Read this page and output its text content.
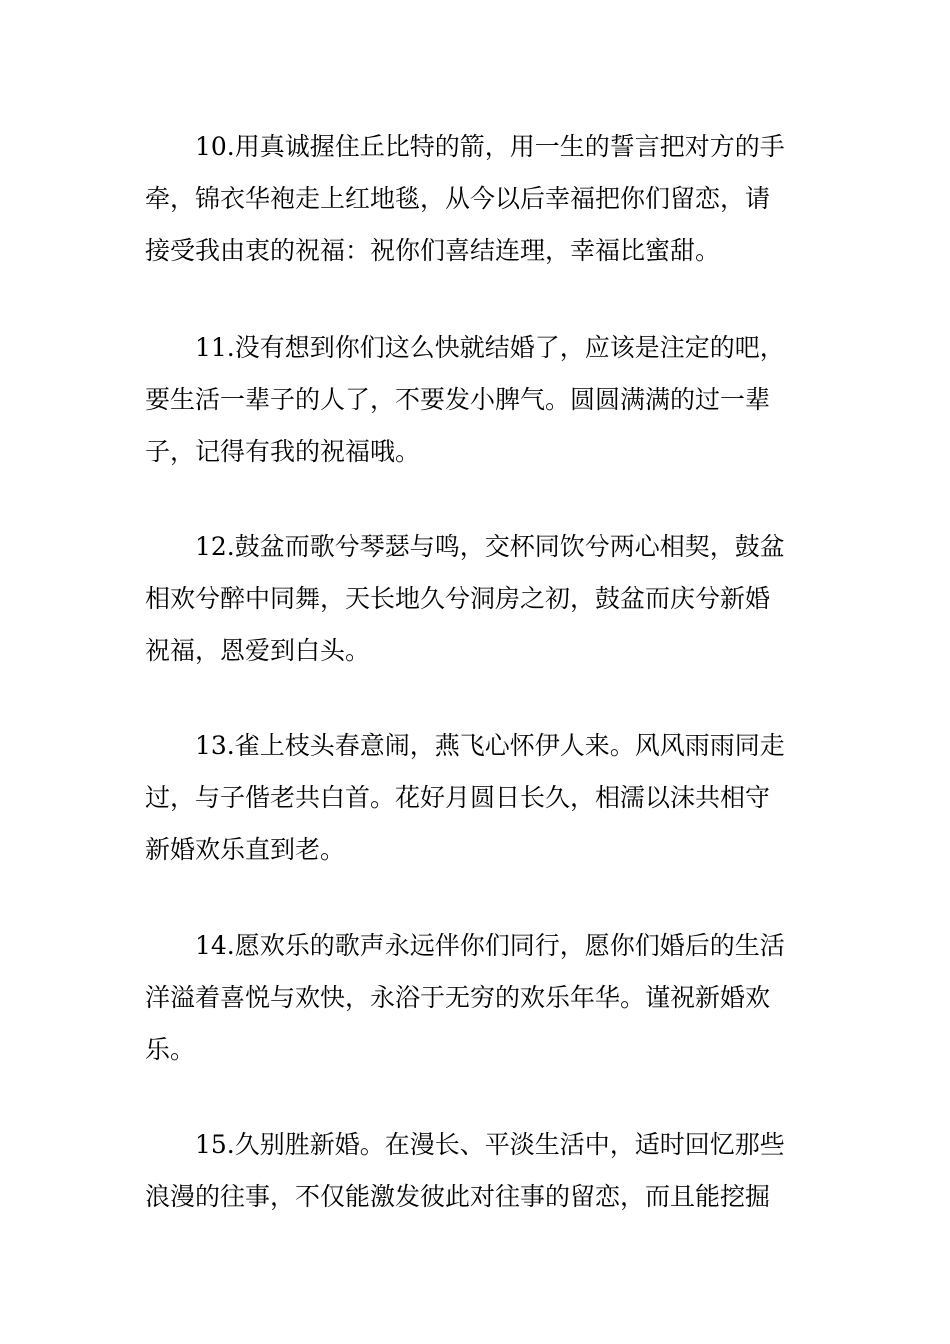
10.用真诚握住丘比特的箭，用一生的誓言把对方的手
牵，锦衣华袍走上红地毯，从今以后幸福把你们留恋，请
接受我由衷的祝福：祝你们喜结连理，幸福比蜜甜。

11.没有想到你们这么快就结婚了，应该是注定的吧，
要生活一辈子的人了，不要发小脾气。圆圆满满的过一辈
子，记得有我的祝福哦。

12.鼓盆而歌兮琴瑟与鸣，交杯同饮兮两心相契，鼓盆
相欢兮醉中同舞，天长地久兮洞房之初，鼓盆而庆兮新婚
祝福，恩爱到白头。

13.雀上枝头春意闹，燕飞心怀伊人来。风风雨雨同走
过，与子偕老共白首。花好月圆日长久，相濡以沫共相守
新婚欢乐直到老。

14.愿欢乐的歌声永远伴你们同行，愿你们婚后的生活
洋溢着喜悦与欢快，永浴于无穷的欢乐年华。谨祝新婚欢
乐。

15.久别胜新婚。在漫长、平淡生活中，适时回忆那些
浪漫的往事，不仅能激发彼此对往事的留恋，而且能挖掘
